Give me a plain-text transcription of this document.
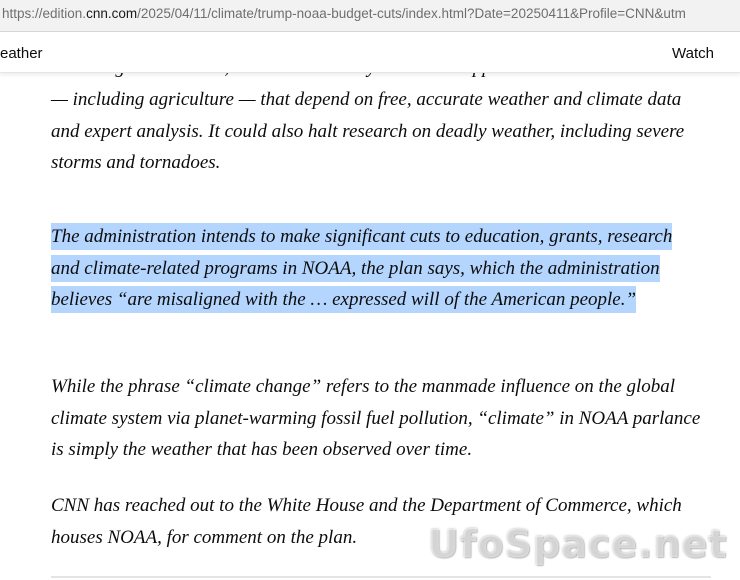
— including agriculture — that depend on free, accurate weather and climate data and expert analysis. It could also halt research on deadly weather, including severe storms and tornadoes.

The administration intends to make significant cuts to education, grants, research and climate-related programs in NOAA, the plan says, which the administration believes “are misaligned with the … expressed will of the American people.”

While the phrase “climate change” refers to the manmade influence on the global climate system via planet-warming fossil fuel pollution, “climate” in NOAA parlance is simply the weather that has been observed over time.

CNN has reached out to the White House and the Department of Commerce, which houses NOAA, for comment on the plan.

https://edition.cnn.com/2025/04/11/climate/trump-noaa-budget-cuts/index.html?Date=20250411&Profile=CNN&utm
eather	Watch
UfoSpace.net
